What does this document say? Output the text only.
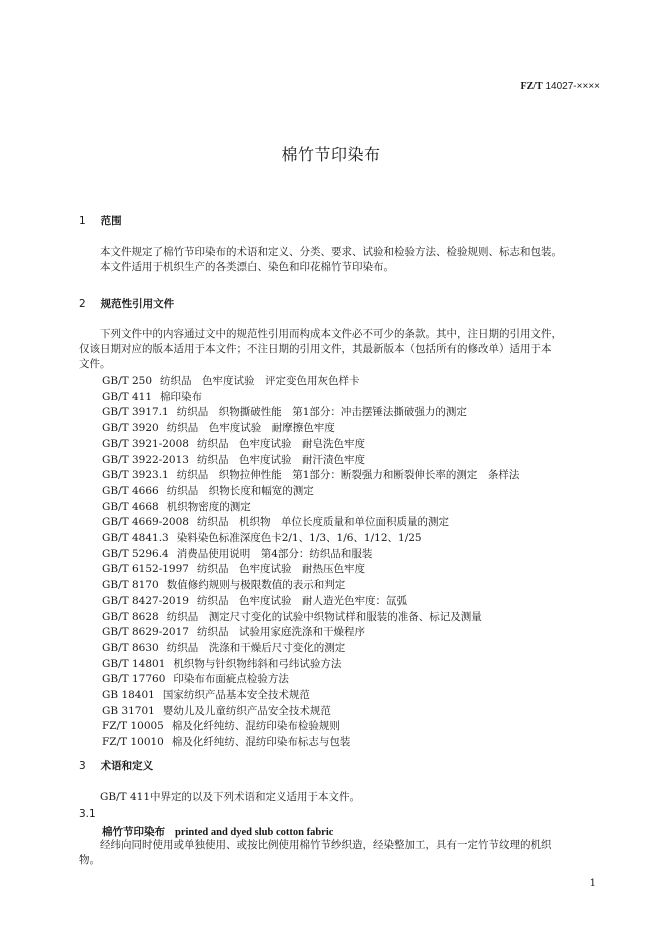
FZ/T 14027-××××
棉竹节印染布
1 范围
本文件规定了棉竹节印染布的术语和定义、分类、要求、试验和检验方法、检验规则、标志和包装。
本文件适用于机织生产的各类漂白、染色和印花棉竹节印染布。
2 规范性引用文件
下列文件中的内容通过文中的规范性引用而构成本文件必不可少的条款。其中，注日期的引用文件，
仅该日期对应的版本适用于本文件；不注日期的引用文件，其最新版本（包括所有的修改单）适用于本
文件。
GB/T 250 纺织品　色牢度试验　评定变色用灰色样卡
GB/T 411 棉印染布
GB/T 3917.1 纺织品　织物撕破性能　第1部分：冲击摆锤法撕破强力的测定
GB/T 3920 纺织品　色牢度试验　耐摩擦色牢度
GB/T 3921-2008 纺织品　色牢度试验　耐皂洗色牢度
GB/T 3922-2013 纺织品　色牢度试验　耐汗渍色牢度
GB/T 3923.1 纺织品　织物拉伸性能　第1部分：断裂强力和断裂伸长率的测定　条样法
GB/T 4666 纺织品　织物长度和幅宽的测定
GB/T 4668 机织物密度的测定
GB/T 4669-2008 纺织品　机织物　单位长度质量和单位面积质量的测定
GB/T 4841.3 染料染色标准深度色卡2/1、1/3、1/6、1/12、1/25
GB/T 5296.4 消费品使用说明　第4部分：纺织品和服装
GB/T 6152-1997 纺织品　色牢度试验　耐热压色牢度
GB/T 8170 数值修约规则与极限数值的表示和判定
GB/T 8427-2019 纺织品　色牢度试验　耐人造光色牢度：氙弧
GB/T 8628 纺织品　测定尺寸变化的试验中织物试样和服装的准备、标记及测量
GB/T 8629-2017 纺织品　试验用家庭洗涤和干燥程序
GB/T 8630 纺织品　洗涤和干燥后尺寸变化的测定
GB/T 14801 机织物与针织物纬斜和弓纬试验方法
GB/T 17760 印染布布面疵点检验方法
GB 18401 国家纺织产品基本安全技术规范
GB 31701 婴幼儿及儿童纺织产品安全技术规范
FZ/T 10005 棉及化纤纯纺、混纺印染布检验规则
FZ/T 10010 棉及化纤纯纺、混纺印染布标志与包装
3 术语和定义
GB/T 411中界定的以及下列术语和定义适用于本文件。
3.1
棉竹节印染布 printed and dyed slub cotton fabric
经纬向同时使用或单独使用、或按比例使用棉竹节纱织造，经染整加工，具有一定竹节纹理的机织
物。
1
